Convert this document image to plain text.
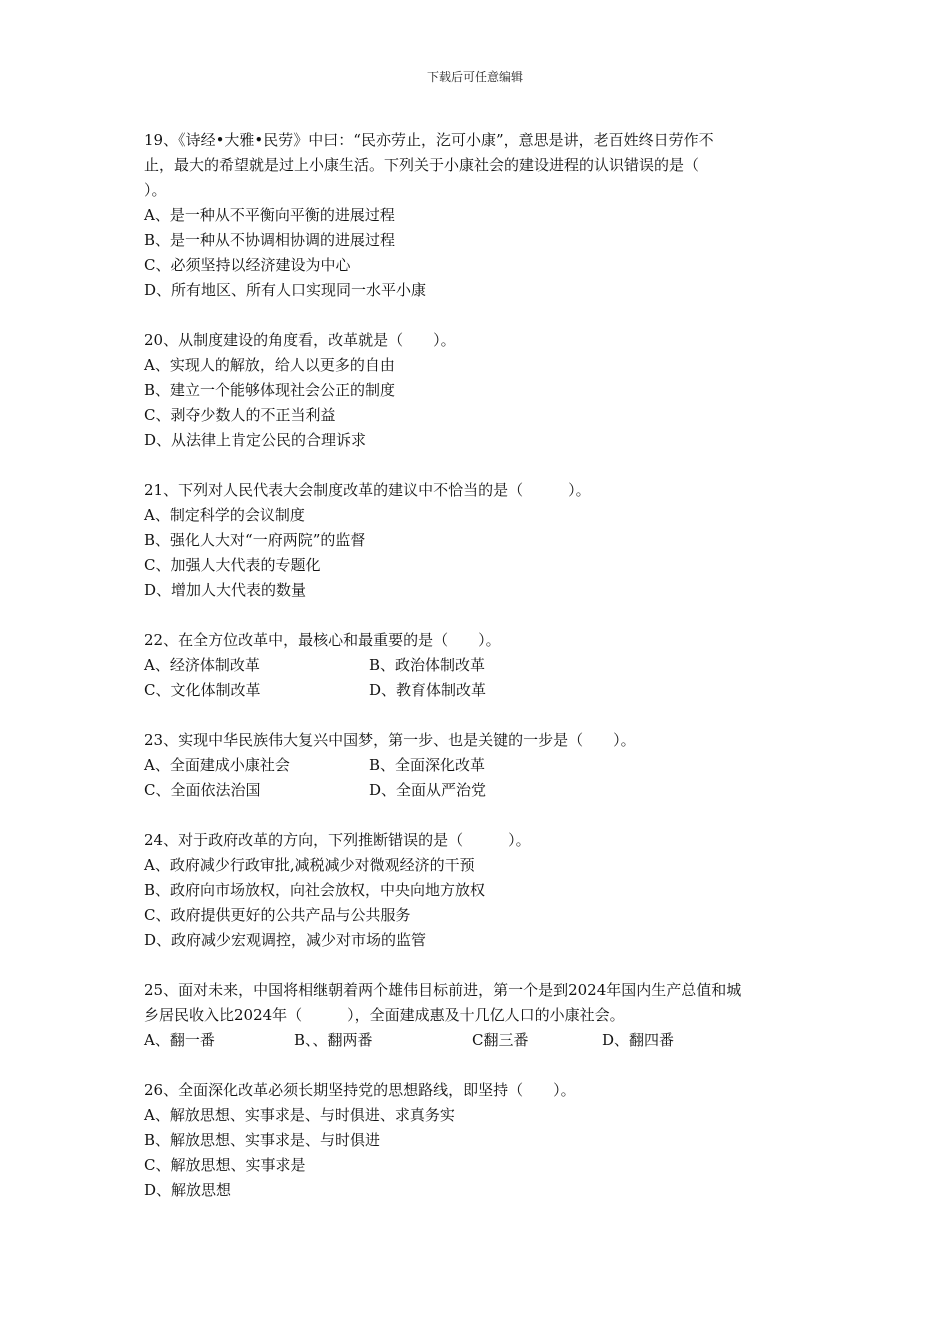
下载后可任意编辑
19、《诗经•大雅•民劳》中曰：“民亦劳止，汔可小康”，意思是讲，老百姓终日劳作不
止，最大的希望就是过上小康生活。下列关于小康社会的建设进程的认识错误的是（
）。
A、是一种从不平衡向平衡的进展过程
B、是一种从不协调相协调的进展过程
C、必须坚持以经济建设为中心
D、所有地区、所有人口实现同一水平小康
20、从制度建设的角度看，改革就是（　　）。
A、实现人的解放，给人以更多的自由
B、建立一个能够体现社会公正的制度
C、剥夺少数人的不正当利益
D、从法律上肯定公民的合理诉求
21、下列对人民代表大会制度改革的建议中不恰当的是（　　　）。
A、制定科学的会议制度
B、强化人大对“一府两院”的监督
C、加强人大代表的专题化
D、增加人大代表的数量
22、在全方位改革中，最核心和最重要的是（　　）。
A、经济体制改革	B、政治体制改革
C、文化体制改革	D、教育体制改革
23、实现中华民族伟大复兴中国梦，第一步、也是关键的一步是（　　）。
A、全面建成小康社会	B、全面深化改革
C、全面依法治国	D、全面从严治党
24、对于政府改革的方向，下列推断错误的是（　　　）。
A、政府减少行政审批,减税减少对微观经济的干预
B、政府向市场放权，向社会放权，中央向地方放权
C、政府提供更好的公共产品与公共服务
D、政府减少宏观调控，减少对市场的监管
25、面对未来，中国将相继朝着两个雄伟目标前进，第一个是到2024年国内生产总值和城
乡居民收入比2024年（　　　），全面建成惠及十几亿人口的小康社会。
A、翻一番	B、、翻两番	C翻三番	D、翻四番
26、全面深化改革必须长期坚持党的思想路线，即坚持（　　）。
A、解放思想、实事求是、与时俱进、求真务实
B、解放思想、实事求是、与时俱进
C、解放思想、实事求是
D、解放思想
